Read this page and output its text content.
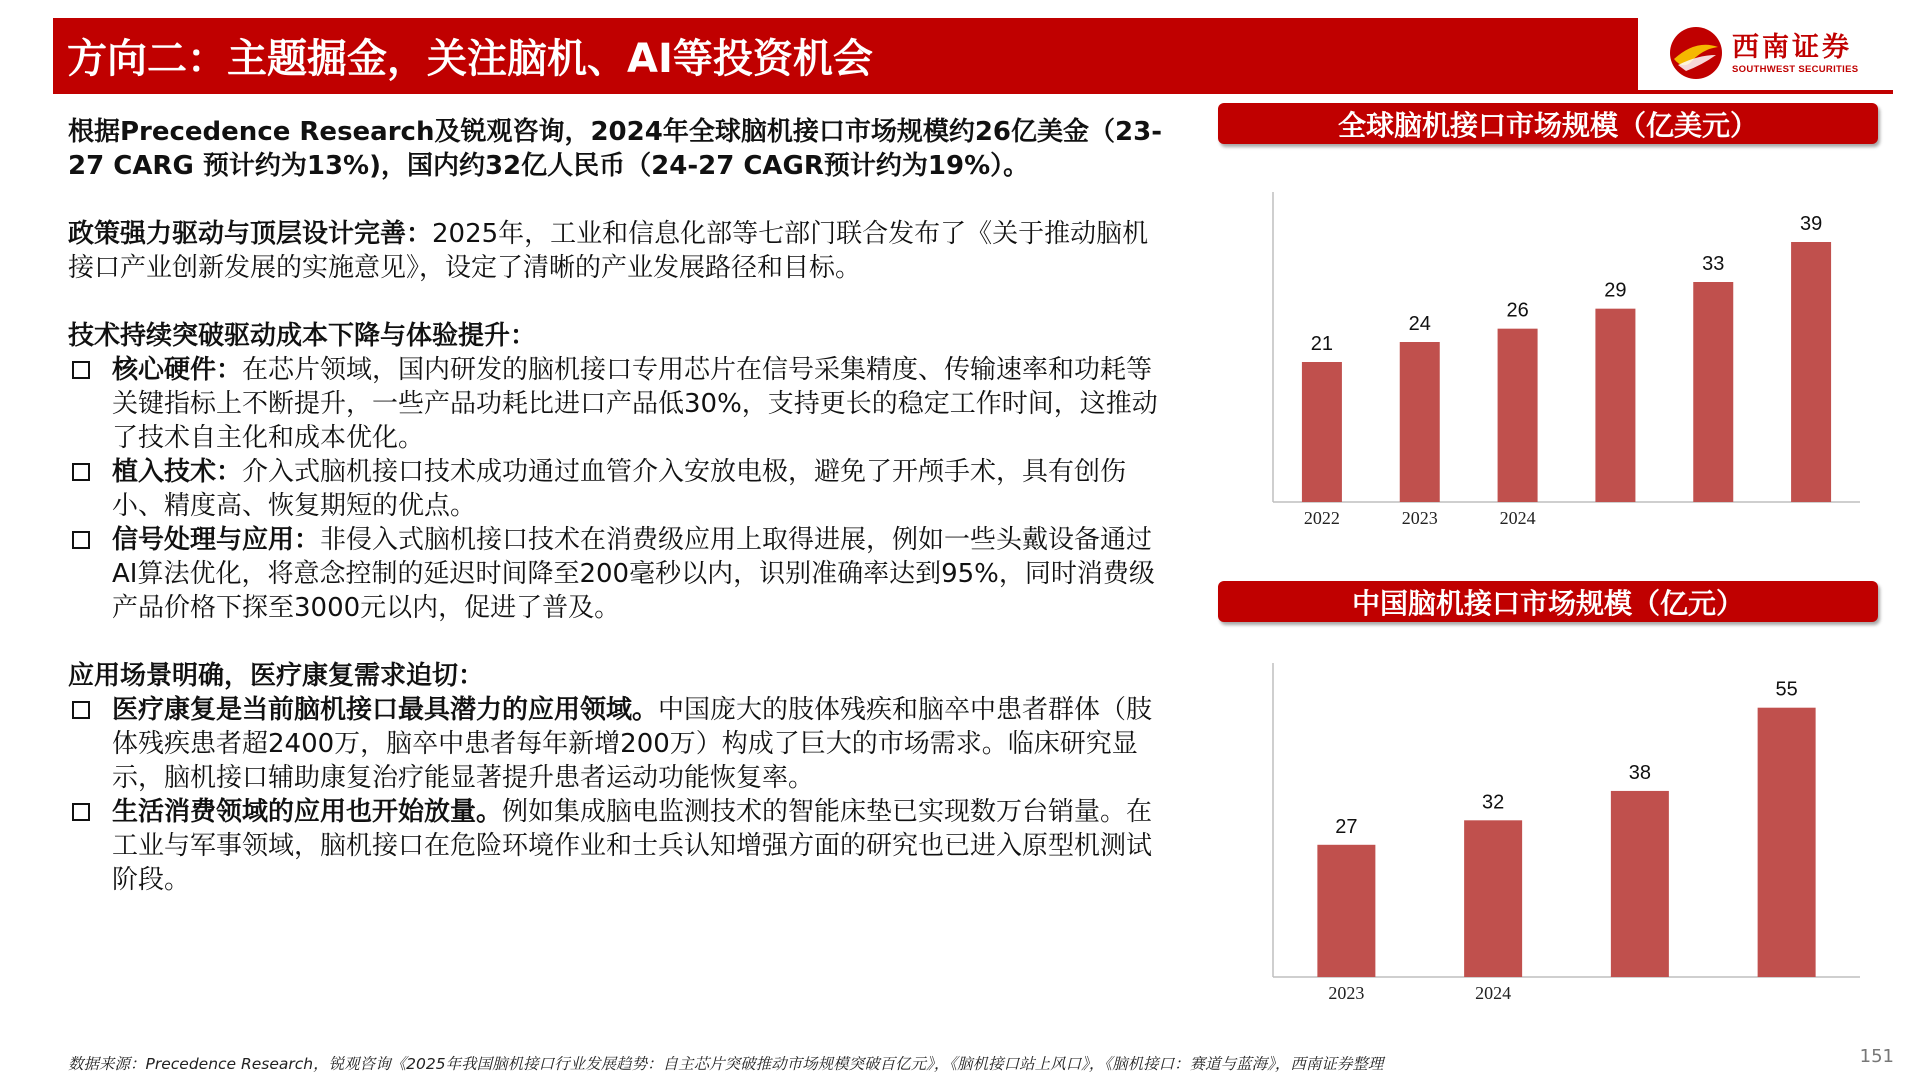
方向二：主题掘金，关注脑机、AI等投资机会	西南证券
SOUTHWEST SECURITIES

根据Precedence Research及锐观咨询，2024年全球脑机接口市场规模约26亿美金（23-27 CARG 预计约为13%)，国内约32亿人民币（24-27 CAGR预计约为19%）。

政策强力驱动与顶层设计完善：2025年，工业和信息化部等七部门联合发布了《关于推动脑机接口产业创新发展的实施意见》，设定了清晰的产业发展路径和目标。

技术持续突破驱动成本下降与体验提升：

核心硬件：在芯片领域，国内研发的脑机接口专用芯片在信号采集精度、传输速率和功耗等关键指标上不断提升，一些产品功耗比进口产品低30%，支持更长的稳定工作时间，这推动了技术自主化和成本优化。
植入技术：介入式脑机接口技术成功通过血管介入安放电极，避免了开颅手术，具有创伤小、精度高、恢复期短的优点。
信号处理与应用：非侵入式脑机接口技术在消费级应用上取得进展，例如一些头戴设备通过AI算法优化，将意念控制的延迟时间降至200毫秒以内，识别准确率达到95%，同时消费级产品价格下探至3000元以内，促进了普及。

应用场景明确，医疗康复需求迫切：

医疗康复是当前脑机接口最具潜力的应用领域。中国庞大的肢体残疾和脑卒中患者群体（肢体残疾患者超2400万，脑卒中患者每年新增200万）构成了巨大的市场需求。临床研究显示，脑机接口辅助康复治疗能显著提升患者运动功能恢复率。
生活消费领域的应用也开始放量。例如集成脑电监测技术的智能床垫已实现数万台销量。在工业与军事领域，脑机接口在危险环境作业和士兵认知增强方面的研究也已进入原型机测试阶段。
全球脑机接口市场规模（亿美元）
21
2022
24
2023
26
2024
29
33
39
中国脑机接口市场规模（亿元）
27
2023
32
2024
38
55
数据来源：Precedence Research，锐观咨询《2025年我国脑机接口行业发展趋势：自主芯片突破推动市场规模突破百亿元》，《脑机接口站上风口》，《脑机接口：赛道与蓝海》，西南证券整理	151
